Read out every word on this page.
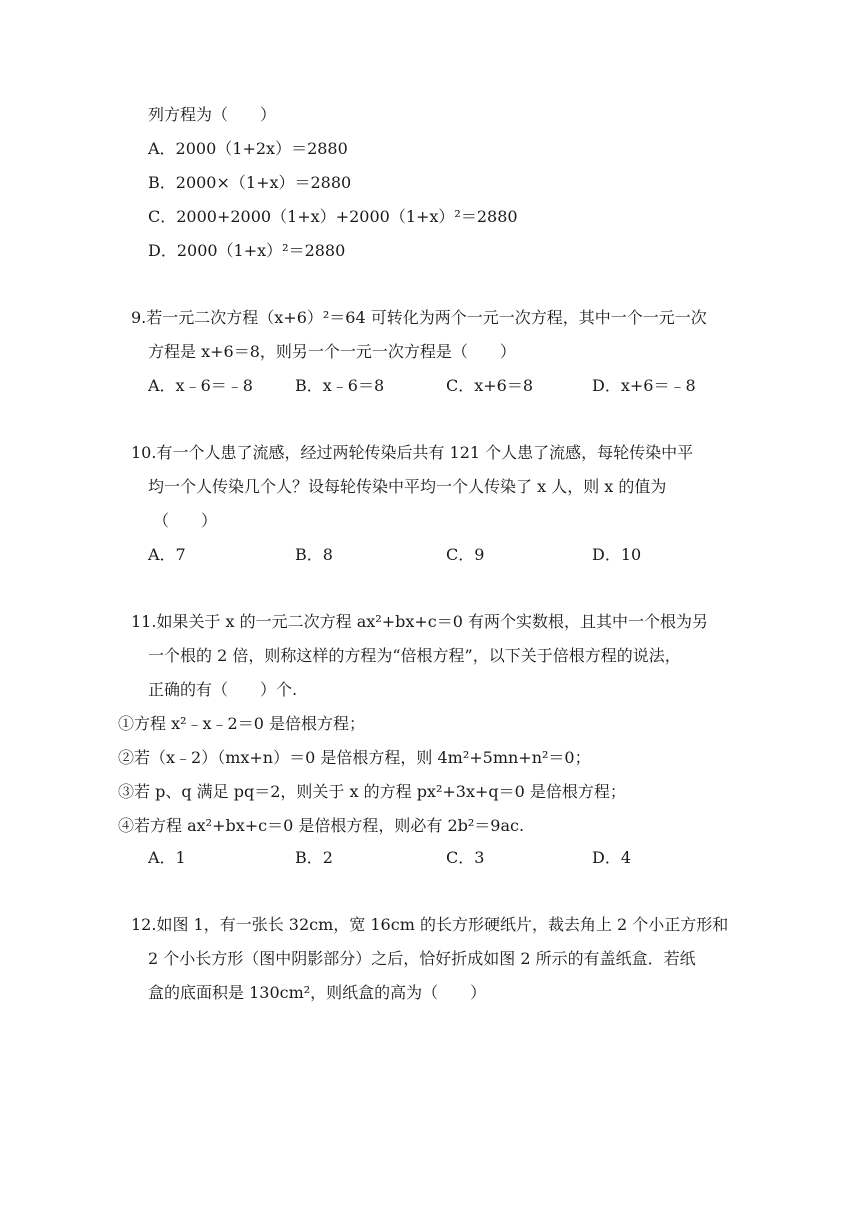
列方程为（　　）
A．2000（1+2x）＝2880
B．2000×（1+x）＝2880
C．2000+2000（1+x）+2000（1+x）²＝2880
D．2000（1+x）²＝2880
9.若一元二次方程（x+6）²＝64 可转化为两个一元一次方程，其中一个一元一次
方程是 x+6＝8，则另一个一元一次方程是（　　）
A．x﹣6＝﹣8	B．x﹣6＝8	C．x+6＝8	D．x+6＝﹣8
10.有一个人患了流感，经过两轮传染后共有 121 个人患了流感，每轮传染中平
均一个人传染几个人？设每轮传染中平均一个人传染了 x 人，则 x 的值为
（　　）
A．7	B．8	C．9	D．10
11.如果关于 x 的一元二次方程 ax²+bx+c＝0 有两个实数根，且其中一个根为另
一个根的 2 倍，则称这样的方程为“倍根方程”，以下关于倍根方程的说法，
正确的有（　　）个.
①方程 x²﹣x﹣2＝0 是倍根方程；
②若（x﹣2）（mx+n）＝0 是倍根方程，则 4m²+5mn+n²＝0；
③若 p、q 满足 pq＝2，则关于 x 的方程 px²+3x+q＝0 是倍根方程；
④若方程 ax²+bx+c＝0 是倍根方程，则必有 2b²＝9ac.
A．1	B．2	C．3	D．4
12.如图 1，有一张长 32cm，宽 16cm 的长方形硬纸片，裁去角上 2 个小正方形和
2 个小长方形（图中阴影部分）之后，恰好折成如图 2 所示的有盖纸盒．若纸
盒的底面积是 130cm²，则纸盒的高为（　　）
